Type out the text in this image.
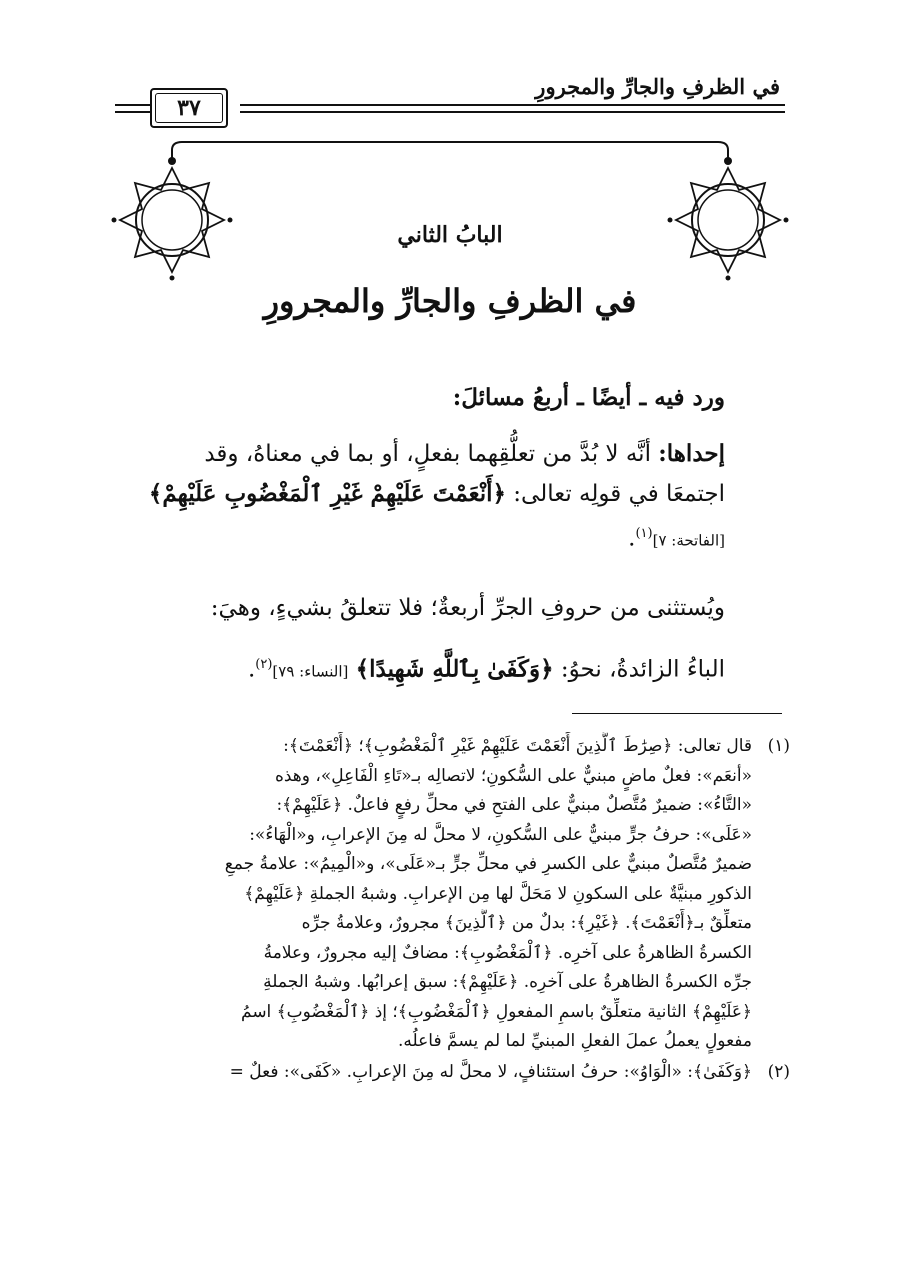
في الظرفِ والجارِّ والمجرورِ
٣٧
البابُ الثاني
في الظرفِ والجارِّ والمجرورِ
ورد فيه ـ أيضًا ـ أربعُ مسائلَ:
إحداها: أنَّه لا بُدَّ من تعلُّقِهما بفعلٍ، أو بما في معناهُ، وقد
اجتمعَا في قولِه تعالى: ﴿أَنْعَمْتَ عَلَيْهِمْ غَيْرِ ٱلْمَغْضُوبِ عَلَيْهِمْ﴾
[الفاتحة: ٧]$^{(١)}$.
ويُستثنى من حروفِ الجرِّ أربعةٌ؛ فلا تتعلقُ بشيءٍ، وهيَ:
الباءُ الزائدةُ، نحوُ: ﴿وَكَفَىٰ بِٱللَّهِ شَهِيدًا﴾ [النساء: ٧٩]$^{(٢)}$.
(١)قال تعالى: ﴿صِرَٰطَ ٱلَّذِينَ أَنْعَمْتَ عَلَيْهِمْ غَيْرِ ٱلْمَغْضُوبِ﴾؛ ﴿أَنْعَمْتَ﴾:
«أنعَم»: فعلٌ ماضٍ مبنيٌّ على السُّكونِ؛ لاتصالِه بـ«تَاءِ الْفَاعِلِ»، وهذه
«التَّاءُ»: ضميرٌ مُتَّصلٌ مبنيٌّ على الفتحِ في محلِّ رفعٍ فاعلٌ. ﴿عَلَيْهِمْ﴾:
«عَلَى»: حرفُ جرٍّ مبنيٌّ على السُّكونِ، لا محلَّ له مِنَ الإعرابِ، و«الْهَاءُ»:
ضميرٌ مُتَّصلٌ مبنيٌّ على الكسرِ في محلِّ جرٍّ بـ«عَلَى»، و«الْمِيمُ»: علامةُ جمعِ
الذكورِ مبنيَّةٌ على السكونِ لا مَحَلَّ لها مِن الإعرابِ. وشبهُ الجملةِ ﴿عَلَيْهِمْ﴾
متعلِّقٌ بـ﴿أَنْعَمْتَ﴾. ﴿غَيْرِ﴾: بدلٌ من ﴿ٱلَّذِينَ﴾ مجرورٌ، وعلامةُ جرِّه
الكسرةُ الظاهرةُ على آخرِه. ﴿ٱلْمَغْضُوبِ﴾: مضافٌ إليه مجرورٌ، وعلامةُ
جرِّه الكسرةُ الظاهرةُ على آخرِه. ﴿عَلَيْهِمْ﴾: سبق إعرابُها. وشبهُ الجملةِ
﴿عَلَيْهِمْ﴾ الثانية متعلِّقٌ باسمِ المفعولِ ﴿ٱلْمَغْضُوبِ﴾؛ إذ ﴿ٱلْمَغْضُوبِ﴾ اسمُ
مفعولٍ يعملُ عملَ الفعلِ المبنيِّ لما لم يسمَّ فاعلُه.
(٢)﴿وَكَفَىٰ﴾: «الْوَاوُ»: حرفُ استئنافٍ، لا محلَّ له مِنَ الإعرابِ. «كَفَى»: فعلٌ =
